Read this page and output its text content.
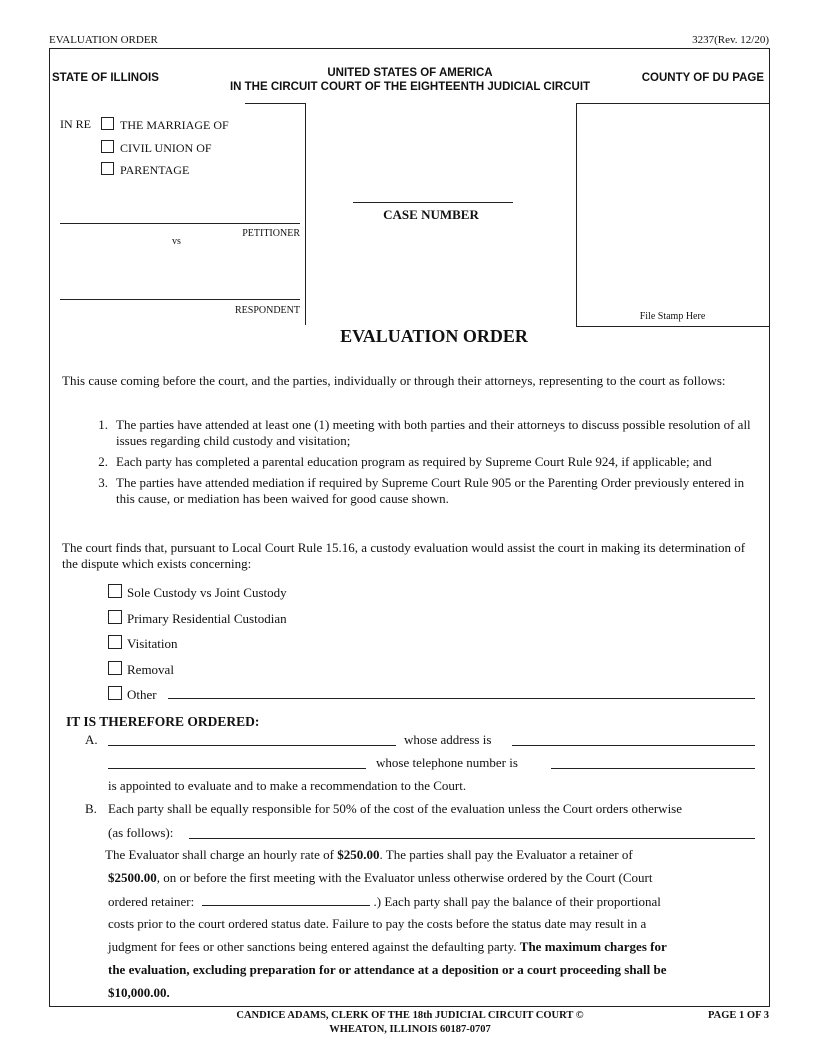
EVALUATION ORDER	3237(Rev. 12/20)
STATE OF ILLINOIS	UNITED STATES OF AMERICA
IN THE CIRCUIT COURT OF THE EIGHTEENTH JUDICIAL CIRCUIT
COUNTY OF DU PAGE
IN RE	THE MARRIAGE OF
CIVIL UNION OF
PARENTAGE
PETITIONER
vs
RESPONDENT
CASE NUMBER
File Stamp Here
EVALUATION ORDER
This cause coming before the court, and the parties, individually or through their attorneys, representing to the court as follows:
1. The parties have attended at least one (1) meeting with both parties and their attorneys to discuss possible resolution of all issues regarding child custody and visitation;
2. Each party has completed a parental education program as required by Supreme Court Rule 924, if applicable; and
3. The parties have attended mediation if required by Supreme Court Rule 905 or the Parenting Order previously entered in this cause, or mediation has been waived for good cause shown.
The court finds that, pursuant to Local Court Rule 15.16, a custody evaluation would assist the court in making its determination of the dispute which exists concerning:
Sole Custody vs Joint Custody
Primary Residential Custodian
Visitation
Removal
Other
IT IS THEREFORE ORDERED:
A.	whose address is
whose telephone number is
is appointed to evaluate and to make a recommendation to the Court.
B. Each party shall be equally responsible for 50% of the cost of the evaluation unless the Court orders otherwise
(as follows):
The Evaluator shall charge an hourly rate of $250.00. The parties shall pay the Evaluator a retainer of
$2500.00, on or before the first meeting with the Evaluator unless otherwise ordered by the Court (Court
ordered retainer:	.) Each party shall pay the balance of their proportional
costs prior to the court ordered status date. Failure to pay the costs before the status date may result in a
judgment for fees or other sanctions being entered against the defaulting party. The maximum charges for
the evaluation, excluding preparation for or attendance at a deposition or a court proceeding shall be
$10,000.00.
CANDICE ADAMS, CLERK OF THE 18th JUDICIAL CIRCUIT COURT ©
WHEATON, ILLINOIS 60187-0707
PAGE 1 OF 3
